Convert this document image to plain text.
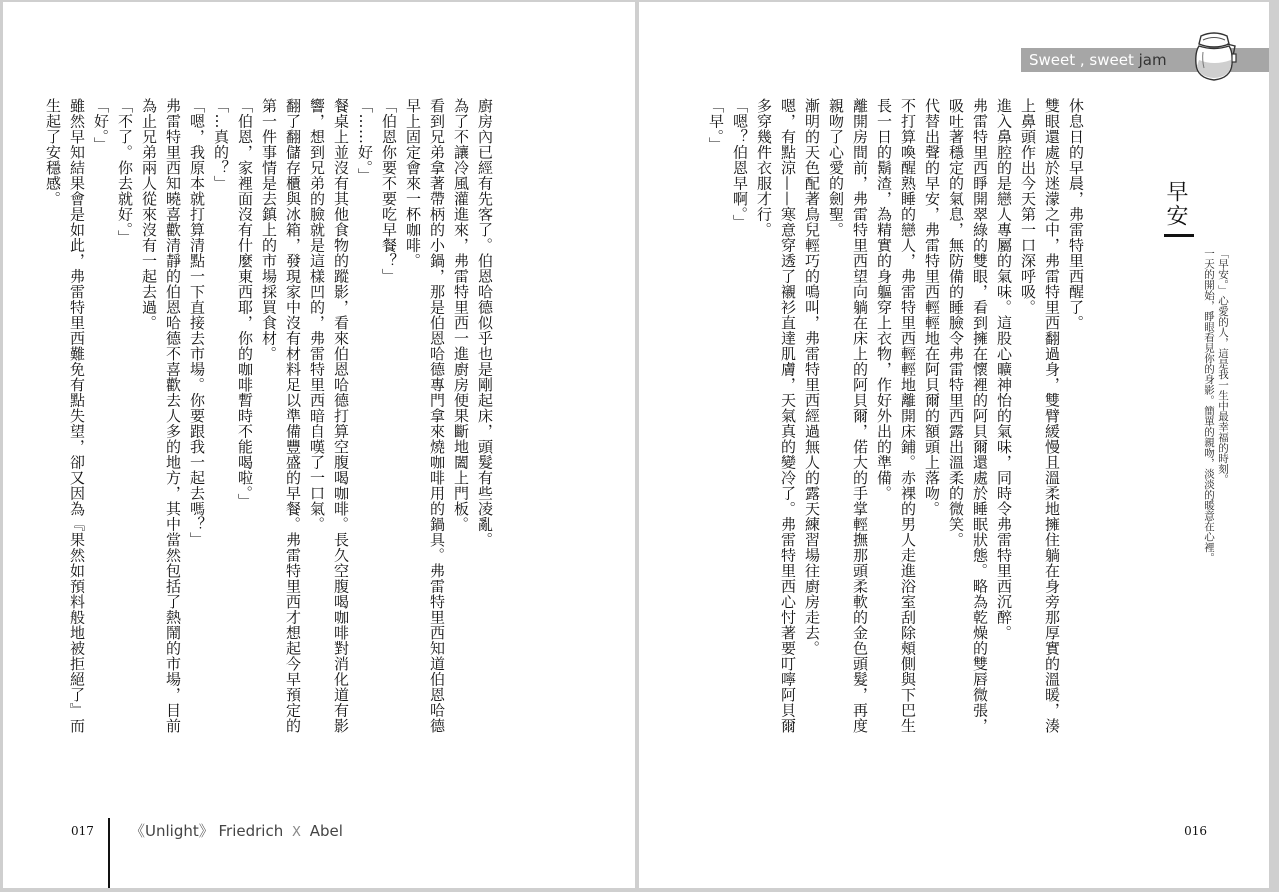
廚房內已經有先客了。伯恩哈德似乎也是剛起床，頭髮有些凌亂。

為了不讓冷風灌進來，弗雷特里西一進廚房便果斷地闔上門板。

看到兄弟拿著帶柄的小鍋，那是伯恩哈德專門拿來燒咖啡用的鍋具。弗雷特里西知道伯恩哈德

早上固定會來一杯咖啡。

「伯恩你要不要吃早餐？」

「……好。」

餐桌上並沒有其他食物的蹤影，看來伯恩哈德打算空腹喝咖啡。長久空腹喝咖啡對消化道有影

響，想到兄弟的臉就是這樣凹的，弗雷特里西暗自嘆了一口氣。

翻了翻儲存櫃與冰箱，發現家中沒有材料足以準備豐盛的早餐。弗雷特里西才想起今早預定的

第一件事情是去鎮上的市場採買食材。

「伯恩，家裡面沒有什麼東西耶，你的咖啡暫時不能喝啦。」

「…真的？」

「嗯，我原本就打算清點一下直接去市場。你要跟我一起去嗎？」

弗雷特里西知曉喜歡清靜的伯恩哈德不喜歡去人多的地方，其中當然包括了熱鬧的市場，目前

為止兄弟兩人從來沒有一起去過。

「不了。你去就好。」

「好。」

雖然早知結果會是如此，弗雷特里西難免有點失望，卻又因為『果然如預料般地被拒絕了』而

生起了安穩感。

017 《Unlight》 Friedrich X Abel
Sweet , sweet jam
早安
一天的開始，睜眼看見你的身影。簡單的親吻，淡淡的暖意在心裡。 「早安。」心愛的人，這是我一生中最幸福的時刻。

休息日的早晨，弗雷特里西醒了。

雙眼還處於迷濛之中，弗雷特里西翻過身，雙臂緩慢且溫柔地擁住躺在身旁那厚實的溫暖，湊

上鼻頭作出今天第一口深呼吸。

進入鼻腔的是戀人專屬的氣味。這股心曠神怡的氣味，同時令弗雷特里西沉醉。

弗雷特里西睜開翠綠的雙眼，看到擁在懷裡的阿貝爾還處於睡眠狀態。略為乾燥的雙唇微張，

吸吐著穩定的氣息，無防備的睡臉令弗雷特里西露出溫柔的微笑。

代替出聲的早安，弗雷特里西輕輕地在阿貝爾的額頭上落吻。

不打算喚醒熟睡的戀人，弗雷特里西輕輕地離開床鋪。赤裸的男人走進浴室刮除頰側與下巴生

長一日的鬍渣，為精實的身軀穿上衣物，作好外出的準備。

離開房間前，弗雷特里西望向躺在床上的阿貝爾，偌大的手掌輕撫那頭柔軟的金色頭髮，再度

親吻了心愛的劍聖。

漸明的天色配著鳥兒輕巧的鳴叫，弗雷特里西經過無人的露天練習場往廚房走去。

嗯，有點涼——寒意穿透了襯衫直達肌膚，天氣真的變冷了。弗雷特里西心忖著要叮嚀阿貝爾

多穿幾件衣服才行。

「嗯？伯恩早啊。」

「早。」

016
